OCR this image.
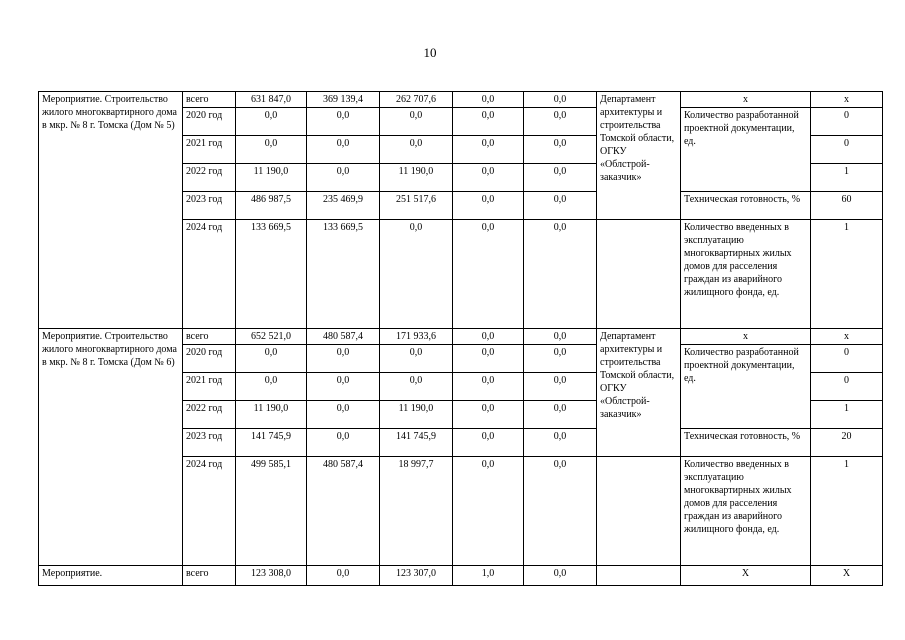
10
Мероприятие. Строительство жилого многоквартирного дома в мкр. № 8 г. Томска (Дом № 5)	всего	631 847,0	369 139,4	262 707,6	0,0	0,0	Департамент архитектуры и строительства Томской области, ОГКУ «Облстрой- заказчик»	х	х
	2020 год	0,0	0,0	0,0	0,0	0,0		Количество разработанной проектной документации, ед.	0
	2021 год	0,0	0,0	0,0	0,0	0,0			0
	2022 год	11 190,0	0,0	11 190,0	0,0	0,0			1
	2023 год	486 987,5	235 469,9	251 517,6	0,0	0,0		Техническая готовность, %	60
	2024 год	133 669,5	133 669,5	0,0	0,0	0,0		Количество введенных в эксплуатацию многоквартирных жилых домов для расселения граждан из аварийного жилищного фонда, ед.	1
Мероприятие. Строительство жилого многоквартирного дома в мкр. № 8 г. Томска (Дом № 6)	всего	652 521,0	480 587,4	171 933,6	0,0	0,0	Департамент архитектуры и строительства Томской области, ОГКУ «Облстрой- заказчик»	х	х
	2020 год	0,0	0,0	0,0	0,0	0,0		Количество разработанной проектной документации, ед.	0
	2021 год	0,0	0,0	0,0	0,0	0,0			0
	2022 год	11 190,0	0,0	11 190,0	0,0	0,0			1
	2023 год	141 745,9	0,0	141 745,9	0,0	0,0		Техническая готовность, %	20
	2024 год	499 585,1	480 587,4	18 997,7	0,0	0,0		Количество введенных в эксплуатацию многоквартирных жилых домов для расселения граждан из аварийного жилищного фонда, ед.	1
Мероприятие.	всего	123 308,0	0,0	123 307,0	1,0	0,0		Х	Х
